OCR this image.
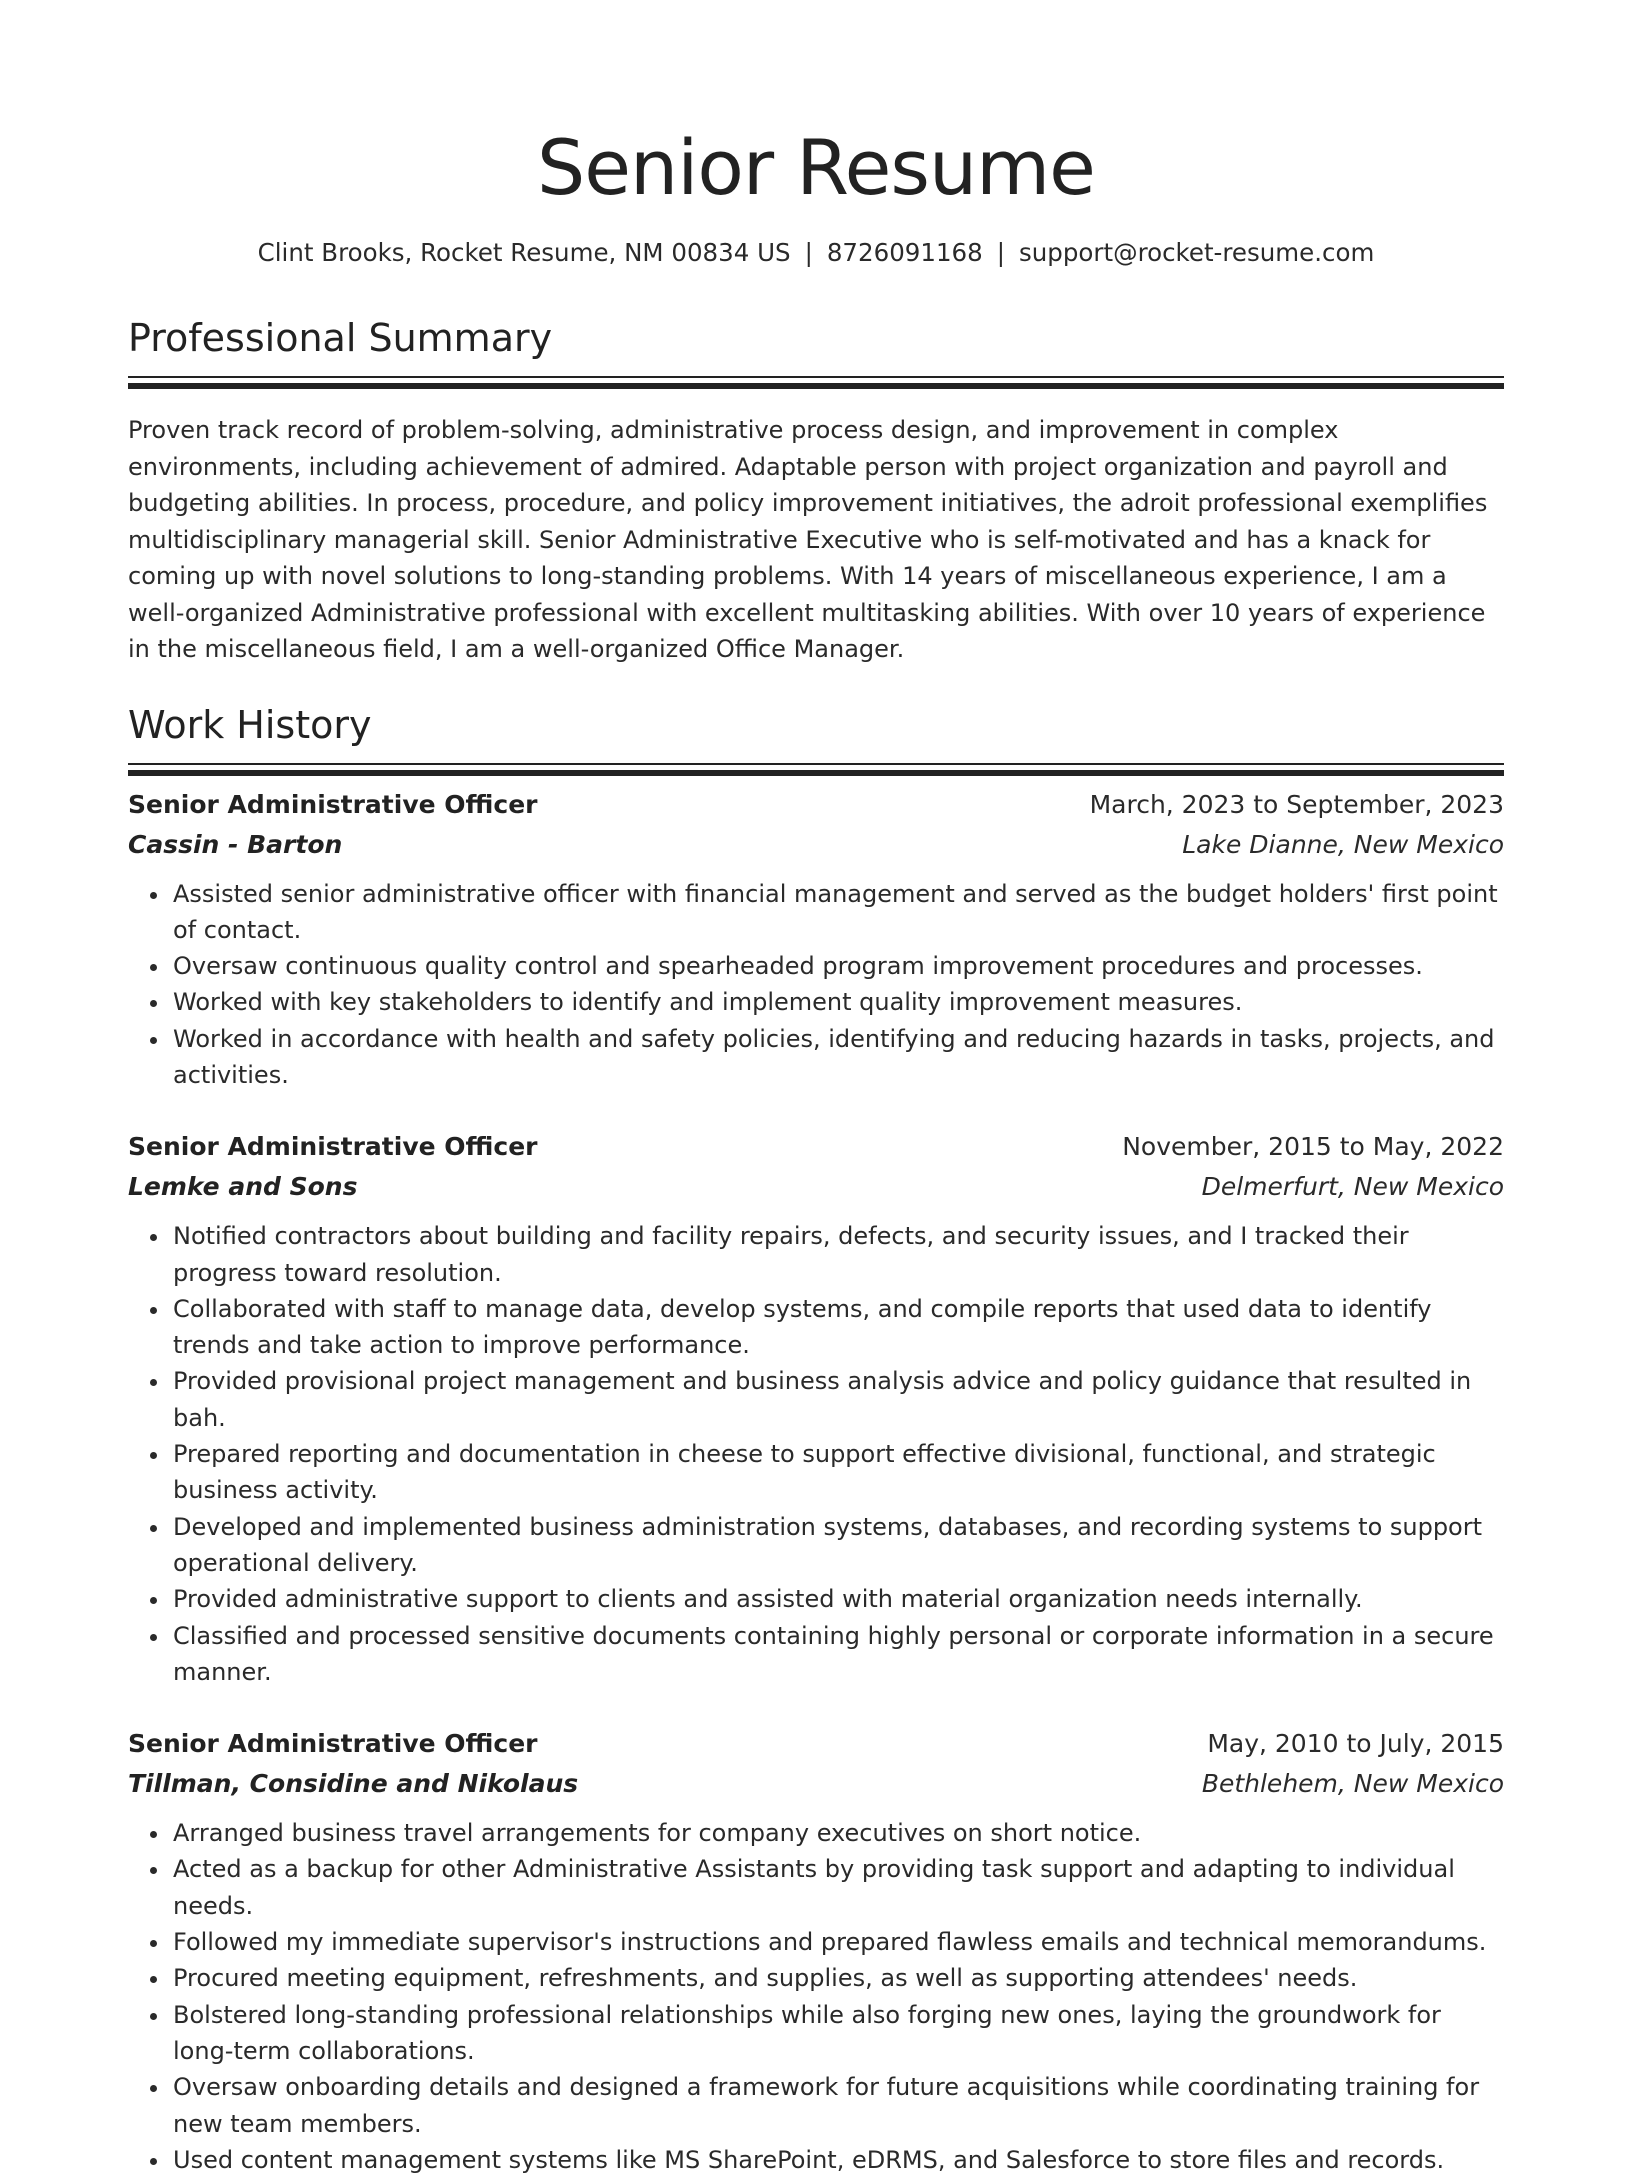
Senior Resume
Clint Brooks, Rocket Resume, NM 00834 US | 8726091168 | support@rocket-resume.com
Professional Summary

Proven track record of problem-solving, administrative process design, and improvement in complex environments, including achievement of admired. Adaptable person with project organization and payroll and budgeting abilities. In process, procedure, and policy improvement initiatives, the adroit professional exemplifies multidisciplinary managerial skill. Senior Administrative Executive who is self-motivated and has a knack for coming up with novel solutions to long-standing problems. With 14 years of miscellaneous experience, I am a well-organized Administrative professional with excellent multitasking abilities. With over 10 years of experience in the miscellaneous field, I am a well-organized Office Manager.

Work History
Senior Administrative Officer	March, 2023 to September, 2023
Cassin - Barton	Lake Dianne, New Mexico
• Assisted senior administrative officer with financial management and served as the budget holders' first point of contact.
• Oversaw continuous quality control and spearheaded program improvement procedures and processes.
• Worked with key stakeholders to identify and implement quality improvement measures.
• Worked in accordance with health and safety policies, identifying and reducing hazards in tasks, projects, and activities.
Senior Administrative Officer	November, 2015 to May, 2022
Lemke and Sons	Delmerfurt, New Mexico
• Notified contractors about building and facility repairs, defects, and security issues, and I tracked their progress toward resolution.
• Collaborated with staff to manage data, develop systems, and compile reports that used data to identify trends and take action to improve performance.
• Provided provisional project management and business analysis advice and policy guidance that resulted in bah.
• Prepared reporting and documentation in cheese to support effective divisional, functional, and strategic business activity.
• Developed and implemented business administration systems, databases, and recording systems to support operational delivery.
• Provided administrative support to clients and assisted with material organization needs internally.
• Classified and processed sensitive documents containing highly personal or corporate information in a secure manner.
Senior Administrative Officer	May, 2010 to July, 2015
Tillman, Considine and Nikolaus	Bethlehem, New Mexico
• Arranged business travel arrangements for company executives on short notice.
• Acted as a backup for other Administrative Assistants by providing task support and adapting to individual needs.
• Followed my immediate supervisor's instructions and prepared flawless emails and technical memorandums.
• Procured meeting equipment, refreshments, and supplies, as well as supporting attendees' needs.
• Bolstered long-standing professional relationships while also forging new ones, laying the groundwork for long-term collaborations.
• Oversaw onboarding details and designed a framework for future acquisitions while coordinating training for new team members.
• Used content management systems like MS SharePoint, eDRMS, and Salesforce to store files and records.
